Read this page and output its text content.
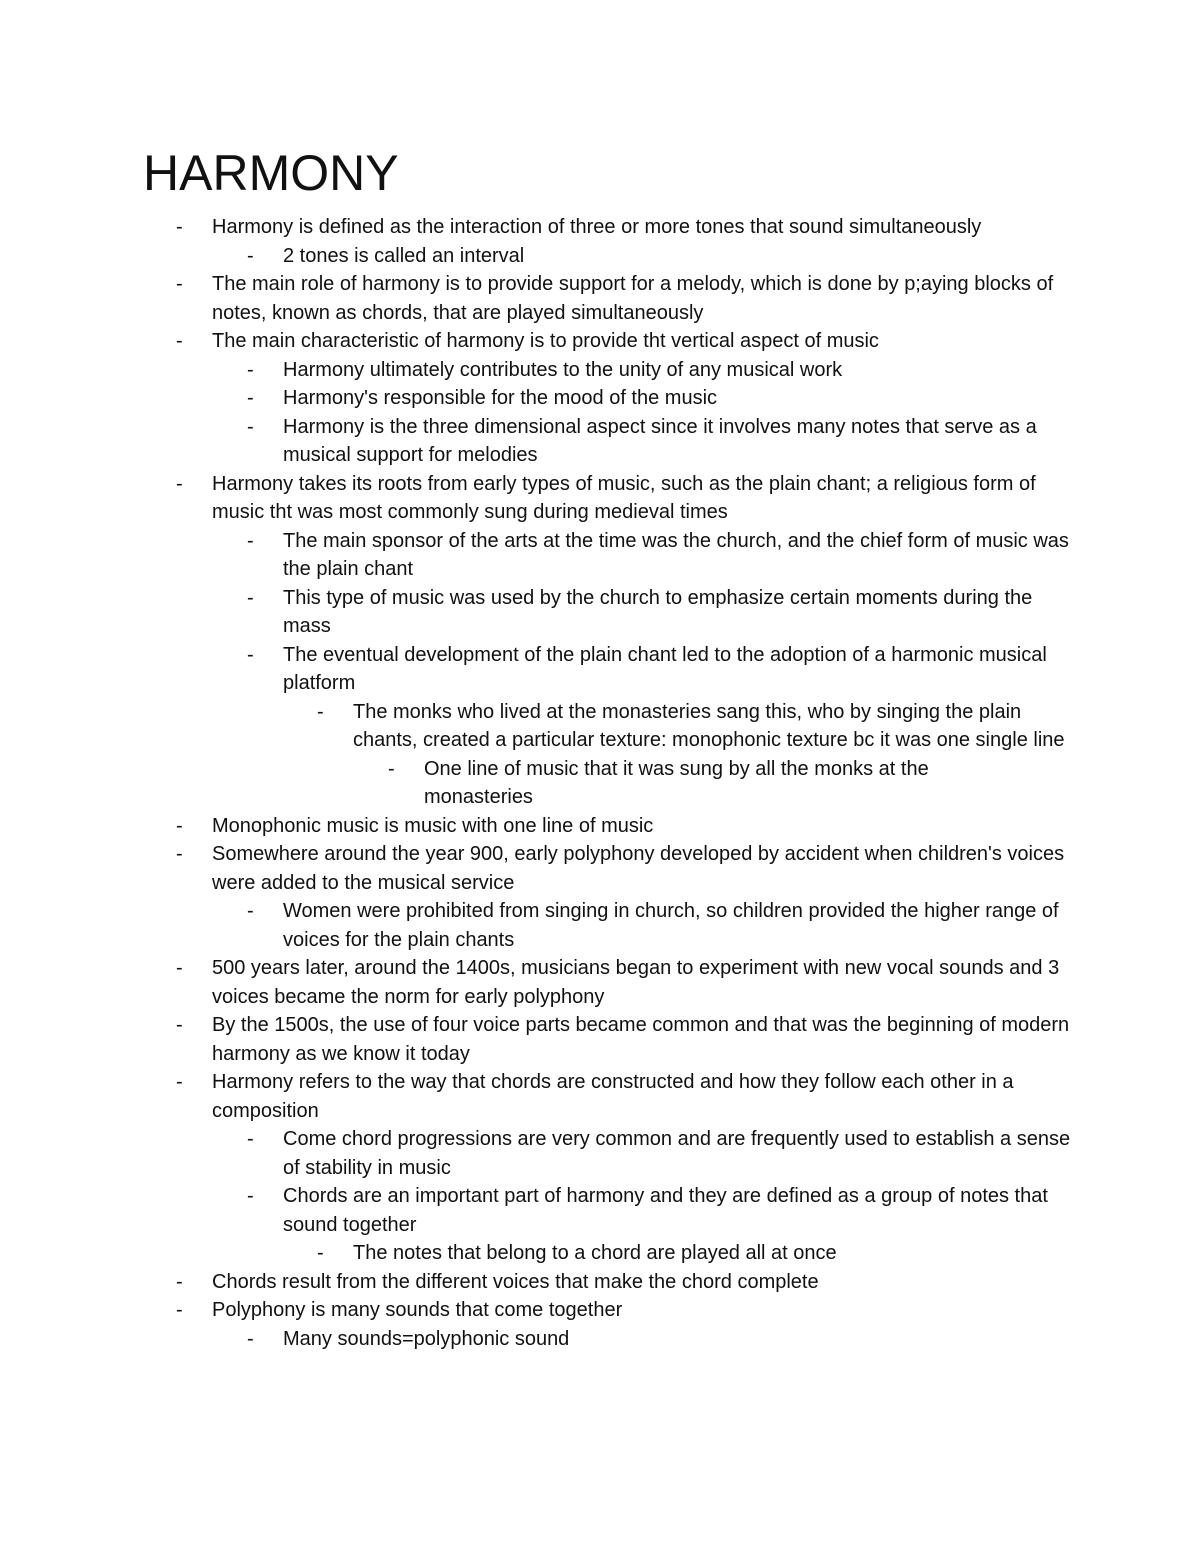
HARMONY
- Harmony is defined as the interaction of three or more tones that sound simultaneously
- 2 tones is called an interval
- The main role of harmony is to provide support for a melody, which is done by p;aying blocks of notes, known as chords, that are played simultaneously
- The main characteristic of harmony is to provide tht vertical aspect of music
- Harmony ultimately contributes to the unity of any musical work
- Harmony's responsible for the mood of the music
- Harmony is the three dimensional aspect since it involves many notes that serve as a musical support for melodies
- Harmony takes its roots from early types of music, such as the plain chant; a religious form of music tht was most commonly sung during medieval times
- The main sponsor of the arts at the time was the church, and the chief form of music was the plain chant
- This type of music was used by the church to emphasize certain moments during the mass
- The eventual development of the plain chant led to the adoption of a harmonic musical platform
- The monks who lived at the monasteries sang this, who by singing the plain chants, created a particular texture: monophonic texture bc it was one single line
- One line of music that it was sung by all the monks at the monasteries
- Monophonic music is music with one line of music
- Somewhere around the year 900, early polyphony developed by accident when children's voices were added to the musical service
- Women were prohibited from singing in church, so children provided the higher range of voices for the plain chants
- 500 years later, around the 1400s, musicians began to experiment with new vocal sounds and 3 voices became the norm for early polyphony
- By the 1500s, the use of four voice parts became common and that was the beginning of modern harmony as we know it today
- Harmony refers to the way that chords are constructed and how they follow each other in a composition
- Come chord progressions are very common and are frequently used to establish a sense of stability in music
- Chords are an important part of harmony and they are defined as a group of notes that sound together
- The notes that belong to a chord are played all at once
- Chords result from the different voices that make the chord complete
- Polyphony is many sounds that come together
- Many sounds=polyphonic sound
